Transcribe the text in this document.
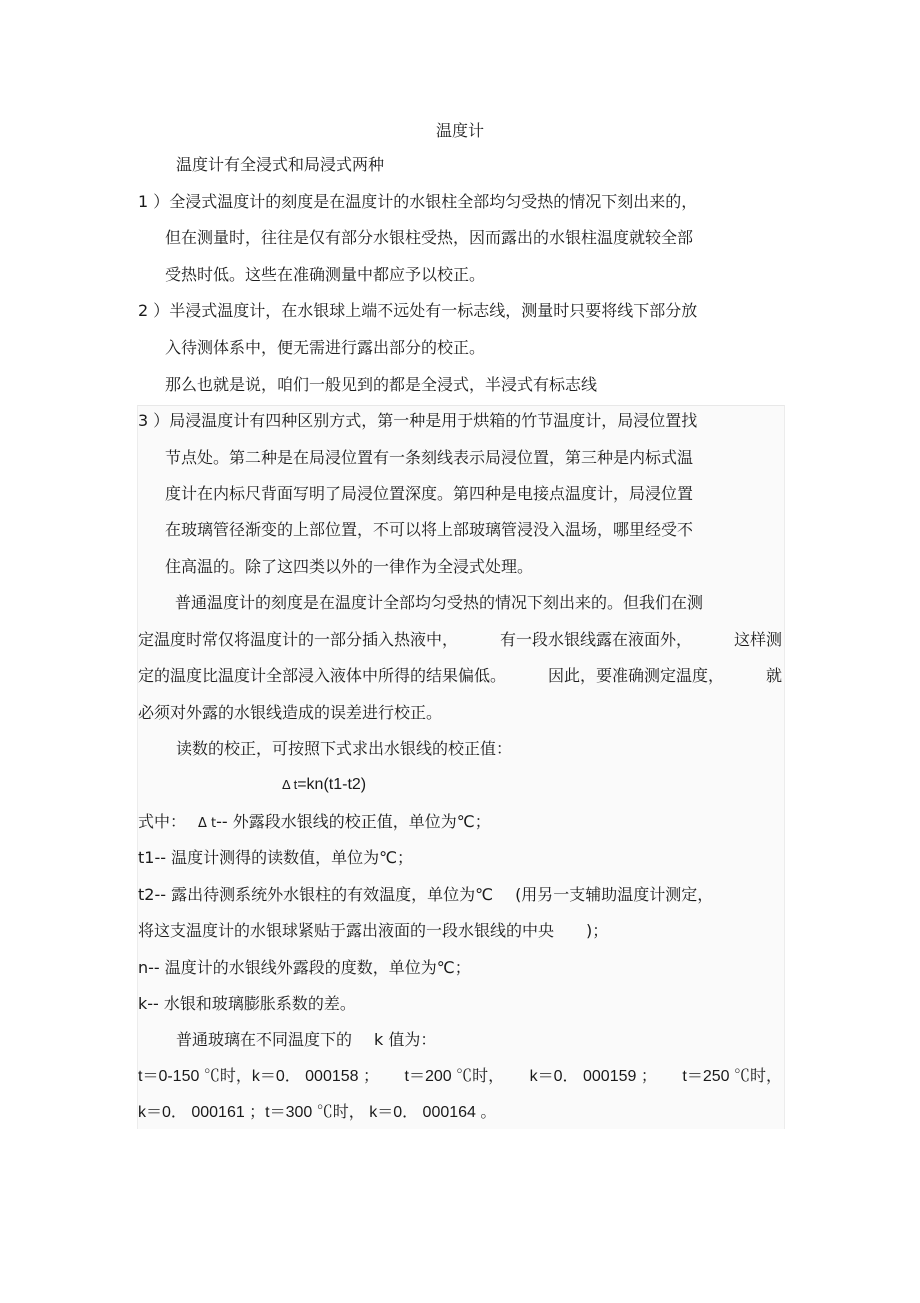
温度计
温度计有全浸式和局浸式两种
1 ）全浸式温度计的刻度是在温度计的水银柱全部均匀受热的情况下刻出来的，
但在测量时，往往是仅有部分水银柱受热，因而露出的水银柱温度就较全部
受热时低。这些在准确测量中都应予以校正。
2 ）半浸式温度计，在水银球上端不远处有一标志线，测量时只要将线下部分放
入待测体系中，便无需进行露出部分的校正。
那么也就是说，咱们一般见到的都是全浸式，半浸式有标志线
3 ）局浸温度计有四种区别方式，第一种是用于烘箱的竹节温度计，局浸位置找
节点处。第二种是在局浸位置有一条刻线表示局浸位置，第三种是内标式温
度计在内标尺背面写明了局浸位置深度。第四种是电接点温度计，局浸位置
在玻璃管径渐变的上部位置，不可以将上部玻璃管浸没入温场，哪里经受不
住高温的。除了这四类以外的一律作为全浸式处理。
普通温度计的刻度是在温度计全部均匀受热的情况下刻出来的。但我们在测
定温度时常仅将温度计的一部分插入热液中，	有一段水银线露在液面外，	这样测
定的温度比温度计全部浸入液体中所得的结果偏低。	因此，要准确测定温度，	就
必须对外露的水银线造成的误差进行校正。
读数的校正，可按照下式求出水银线的校正值：
Δ t=kn(t1-t2)
式中： Δ t-- 外露段水银线的校正值，单位为℃；
t1-- 温度计测得的读数值，单位为℃；
t2-- 露出待测系统外水银柱的有效温度，单位为℃ (用另一支辅助温度计测定，
将这支温度计的水银球紧贴于露出液面的一段水银线的中央 )；
n-- 温度计的水银线外露段的度数，单位为℃；
k-- 水银和玻璃膨胀系数的差。
普通玻璃在不同温度下的 k 值为：
t＝0-150 ℃时，k＝0． 000158 ； t＝200 ℃时， k＝0． 000159 ； t＝250 ℃时，
k＝0． 000161 ；t＝300 ℃时， k＝0． 000164 。
